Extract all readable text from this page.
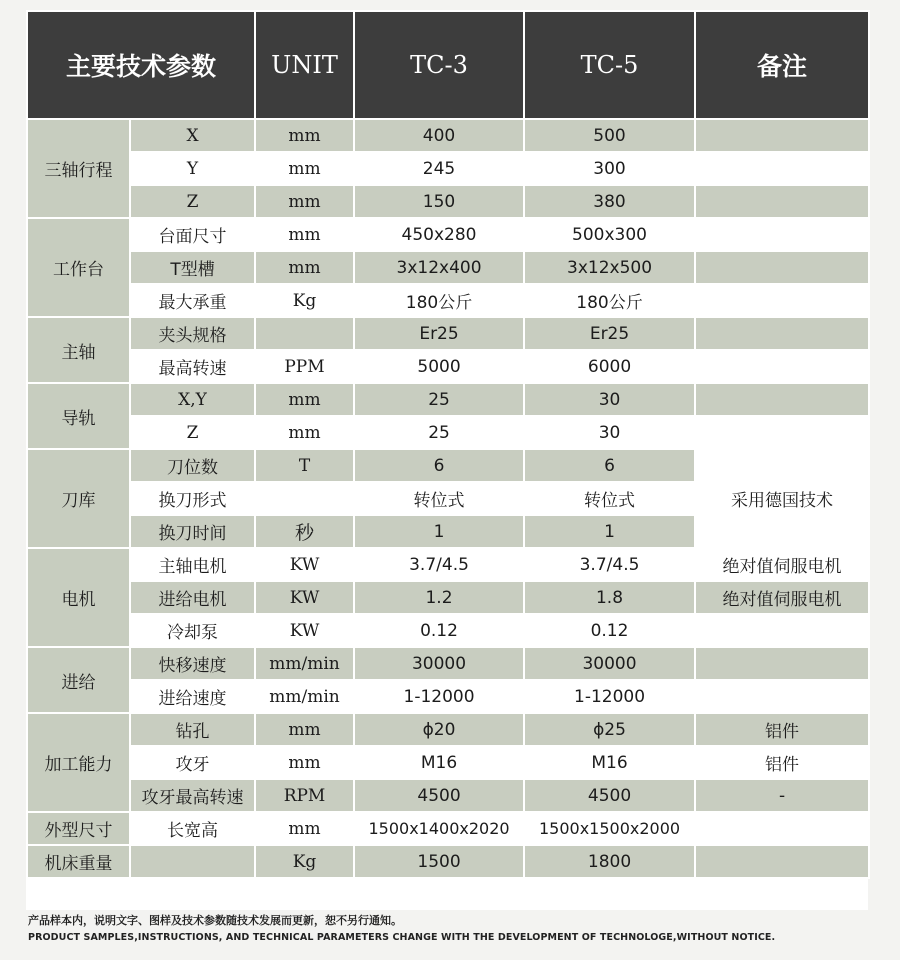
主要技术参数		UNIT	TC-3	TC-5	备注
三轴行程	X	mm	400	500	
	Y	mm	245	300	
	Z	mm	150	380	
工作台	台面尺寸	mm	450x280	500x300	
	T型槽	mm	3x12x400	3x12x500	
	最大承重	Kg	180公斤	180公斤	
主轴	夹头规格		Er25	Er25	
	最高转速	PPM	5000	6000	
导轨	X,Y	mm	25	30	
	Z	mm	25	30	
刀库	刀位数	T	6	6	采用德国技术
	换刀形式		转位式	转位式	
	换刀时间	秒	1	1	
电机	主轴电机	KW	3.7/4.5	3.7/4.5	绝对值伺服电机
	进给电机	KW	1.2	1.8	绝对值伺服电机
	冷却泵	KW	0.12	0.12	
进给	快移速度	mm/min	30000	30000	
	进给速度	mm/min	1-12000	1-12000	
加工能力	钻孔	mm	ϕ20	ϕ25	铝件
	攻牙	mm	M16	M16	铝件
	攻牙最高转速	RPM	4500	4500	-
外型尺寸	长宽高	mm	1500x1400x2020	1500x1500x2000	
机床重量		Kg	1500	1800	
产品样本内，说明文字、图样及技术参数随技术发展而更新，恕不另行通知。
PRODUCT SAMPLES,INSTRUCTIONS, AND TECHNICAL PARAMETERS CHANGE WITH THE DEVELOPMENT OF TECHNOLOGE,WITHOUT NOTICE.
